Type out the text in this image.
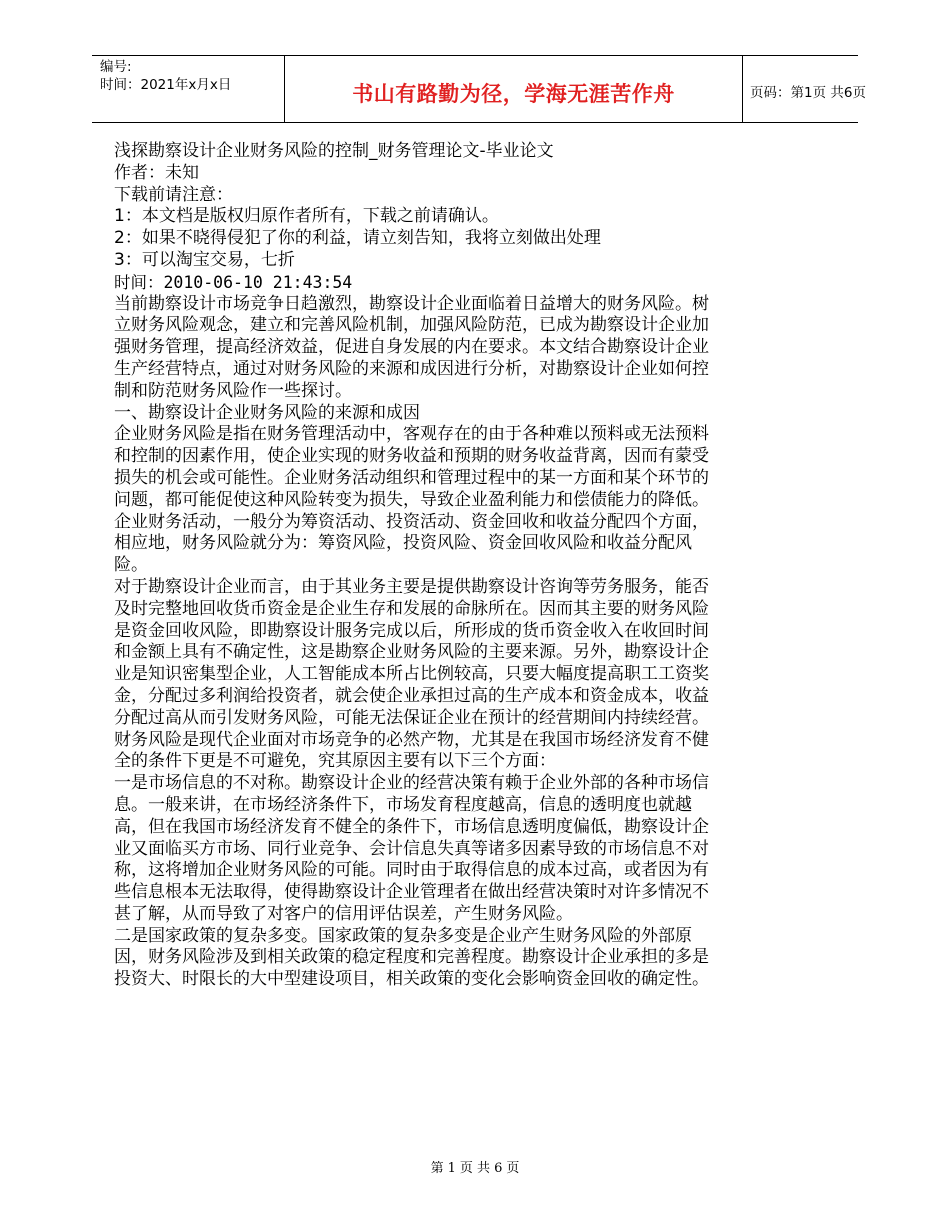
编号:
时间：2021年x月x日	书山有路勤为径，学海无涯苦作舟	页码：第1页 共6页
浅探勘察设计企业财务风险的控制_财务管理论文-毕业论文
作者：未知
下载前请注意：
1：本文档是版权归原作者所有，下载之前请确认。
2：如果不晓得侵犯了你的利益，请立刻告知，我将立刻做出处理
3：可以淘宝交易，七折
时间：2010-06-10 21:43:54
当前勘察设计市场竞争日趋激烈，勘察设计企业面临着日益增大的财务风险。树
立财务风险观念，建立和完善风险机制，加强风险防范，已成为勘察设计企业加
强财务管理，提高经济效益，促进自身发展的内在要求。本文结合勘察设计企业
生产经营特点，通过对财务风险的来源和成因进行分析，对勘察设计企业如何控
制和防范财务风险作一些探讨。
一、勘察设计企业财务风险的来源和成因
企业财务风险是指在财务管理活动中，客观存在的由于各种难以预料或无法预料
和控制的因素作用，使企业实现的财务收益和预期的财务收益背离，因而有蒙受
损失的机会或可能性。企业财务活动组织和管理过程中的某一方面和某个环节的
问题，都可能促使这种风险转变为损失，导致企业盈利能力和偿债能力的降低。
企业财务活动，一般分为筹资活动、投资活动、资金回收和收益分配四个方面，
相应地，财务风险就分为：筹资风险，投资风险、资金回收风险和收益分配风
险。
对于勘察设计企业而言，由于其业务主要是提供勘察设计咨询等劳务服务，能否
及时完整地回收货币资金是企业生存和发展的命脉所在。因而其主要的财务风险
是资金回收风险，即勘察设计服务完成以后，所形成的货币资金收入在收回时间
和金额上具有不确定性，这是勘察企业财务风险的主要来源。另外，勘察设计企
业是知识密集型企业，人工智能成本所占比例较高，只要大幅度提高职工工资奖
金，分配过多利润给投资者，就会使企业承担过高的生产成本和资金成本，收益
分配过高从而引发财务风险，可能无法保证企业在预计的经营期间内持续经营。
财务风险是现代企业面对市场竞争的必然产物，尤其是在我国市场经济发育不健
全的条件下更是不可避免，究其原因主要有以下三个方面：
一是市场信息的不对称。勘察设计企业的经营决策有赖于企业外部的各种市场信
息。一般来讲，在市场经济条件下，市场发育程度越高，信息的透明度也就越
高，但在我国市场经济发育不健全的条件下，市场信息透明度偏低，勘察设计企
业又面临买方市场、同行业竞争、会计信息失真等诸多因素导致的市场信息不对
称，这将增加企业财务风险的可能。同时由于取得信息的成本过高，或者因为有
些信息根本无法取得，使得勘察设计企业管理者在做出经营决策时对许多情况不
甚了解，从而导致了对客户的信用评估误差，产生财务风险。
二是国家政策的复杂多变。国家政策的复杂多变是企业产生财务风险的外部原
因，财务风险涉及到相关政策的稳定程度和完善程度。勘察设计企业承担的多是
投资大、时限长的大中型建设项目，相关政策的变化会影响资金回收的确定性。
第 1 页 共 6 页
